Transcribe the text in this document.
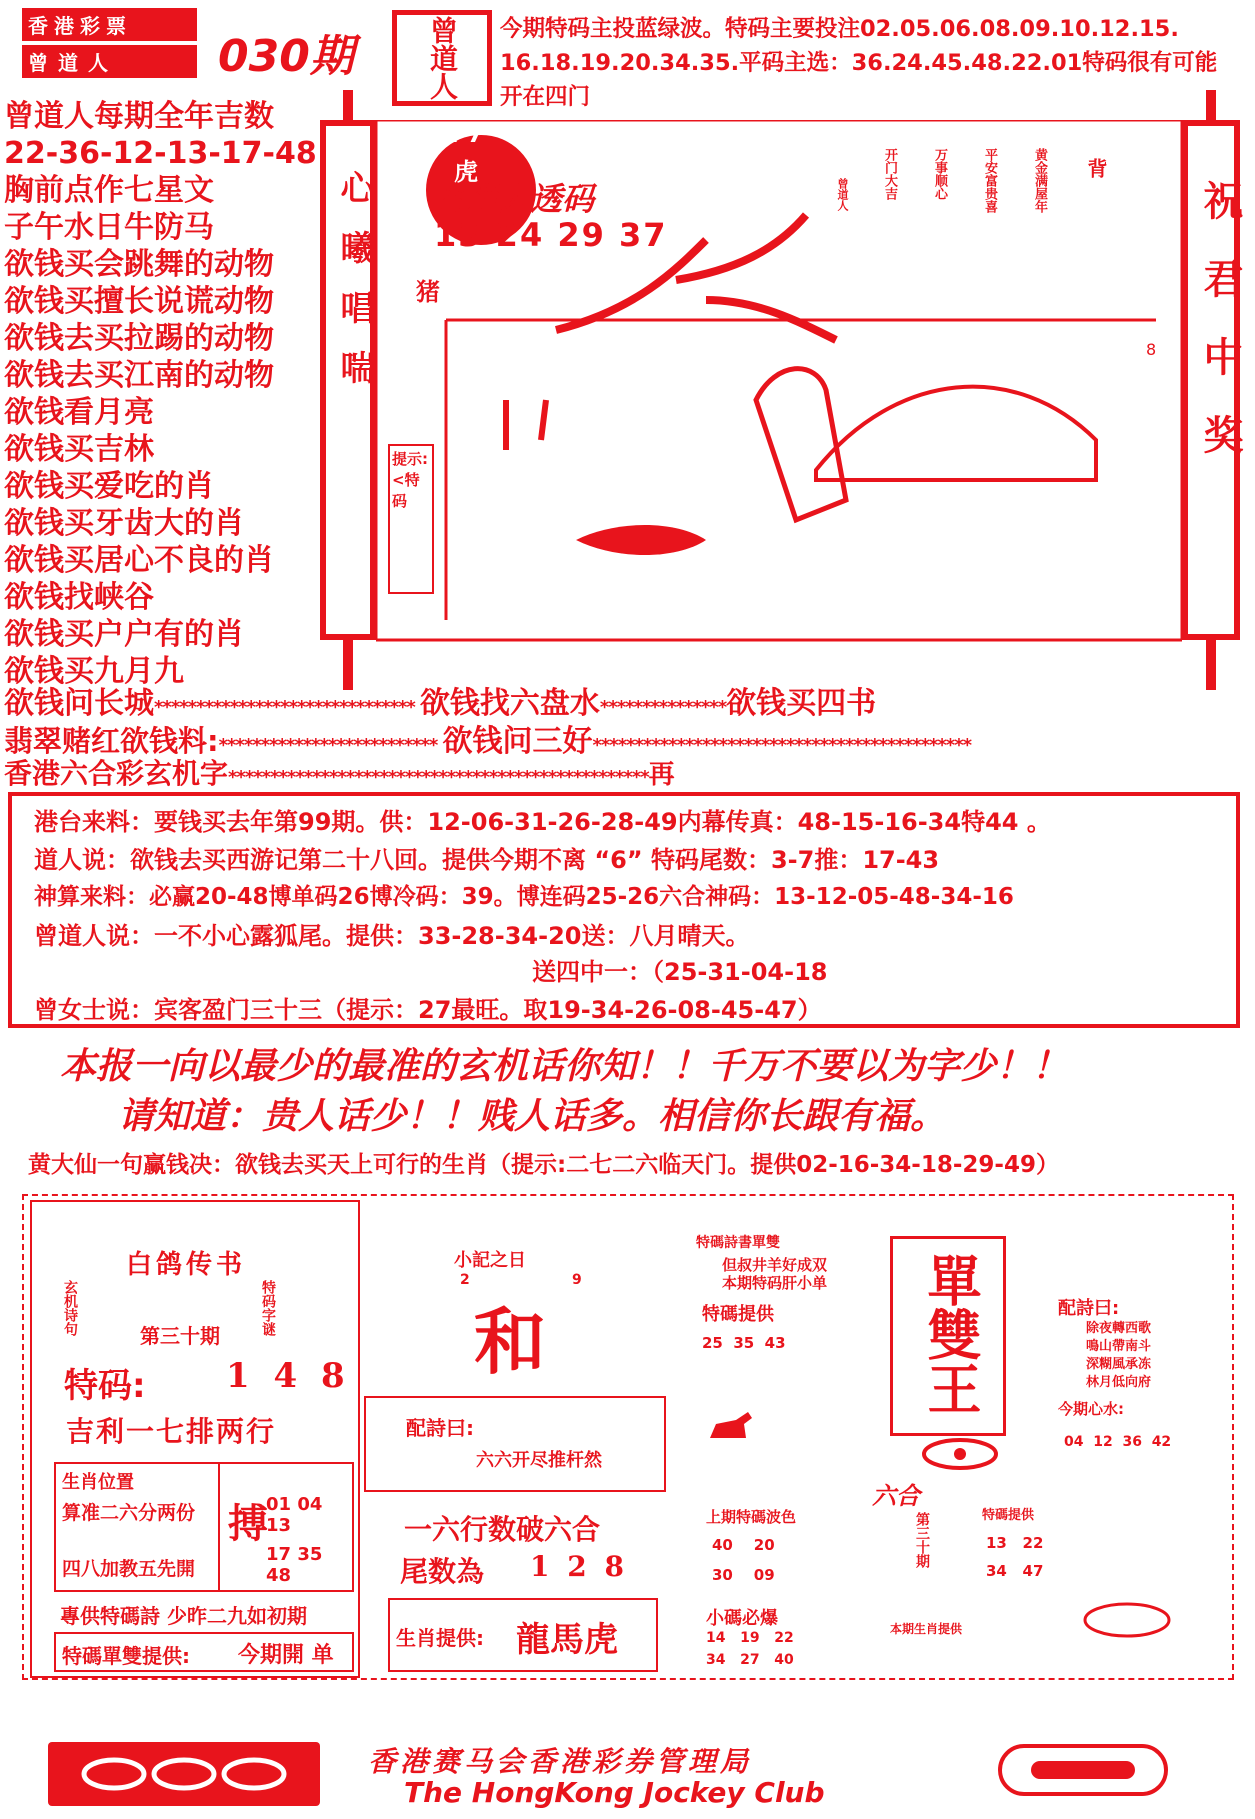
香港彩票
曾道人	030期	曾道人 今期特码主投蓝绿波。特码主要投注02.05.06.08.09.10.12.15.
16.18.19.20.34.35.平码主选：36.24.45.48.22.01特码很有可能
开在四门
曾道人每期全年吉数
22-36-12-13-17-48
胸前点作七星文
子午水日牛防马
欲钱买会跳舞的动物
欲钱买擅长说谎动物
欲钱去买拉踢的动物
欲钱去买江南的动物
欲钱看月亮
欲钱买吉林
欲钱买爱吃的肖
欲钱买牙齿大的肖
欲钱买居心不良的肖
欲钱找峡谷
欲钱买户户有的肖
欲钱买九月九
心曦唱喘	祝君中奖
2 7
虎
曾道人透码
13 24 29 37
猪
提示:
<特码
8
背
黄金满屋年
平安富贵喜
万事顺心
开门大吉
曾道人
欲钱问长城******************************* 欲钱找六盘水***************欲钱买四书
翡翠赌红欲钱料:************************** 欲钱问三好*********************************************
香港六合彩玄机字**************************************************再
港台来料：要钱买去年第99期。供：12-06-31-26-28-49内幕传真：48-15-16-34特44 。
道人说：欲钱去买西游记第二十八回。提供今期不离 “6” 特码尾数：3-7推：17-43
神算来料：必赢20-48博单码26博冷码：39。博连码25-26六合神码：13-12-05-48-34-16
曾道人说：一不小心露狐尾。提供：33-28-34-20送：八月晴天。
送四中一：（25-31-04-18
曾女士说：宾客盈门三十三（提示：27最旺。取19-34-26-08-45-47）
本报一向以最少的最准的玄机话你知！！千万不要以为字少！！
请知道：贵人话少！！贱人话多。相信你长跟有福。
黄大仙一句赢钱决：欲钱去买天上可行的生肖（提示:二七二六临天门。提供02-16-34-18-29-49）
白鸽传书
玄机诗句	特码字谜
第三十期
特码: 1 4 8
吉利一七排两行
生肖位置
算准二六分两份
四八加教五先開
搏
01 04 13
17 35 48
專供特碼詩 少昨二九如初期
特碼單雙提供: 今期開 单
小記之日
2	9
和
配詩曰:
六六开尽推杆然
一六行数破六合
尾数為 1 2 8
生肖提供: 龍馬虎
特碼詩書單雙
但叔井羊好成双
本期特码肝小单
特碼提供
25  35  43 單雙王	配詩曰:
除夜轉西歌
鳴山帶南斗
深糊風承冻
林月低向府
今期心水:
04  12  36  42
六合
上期特碼波色
40    20
30    09
第三十期	特碼提供
13   22
34   47
小碼必爆
14   19   22
34   27   40
本期生肖提供
香港赛马会香港彩券管理局
The HongKong Jockey Club
